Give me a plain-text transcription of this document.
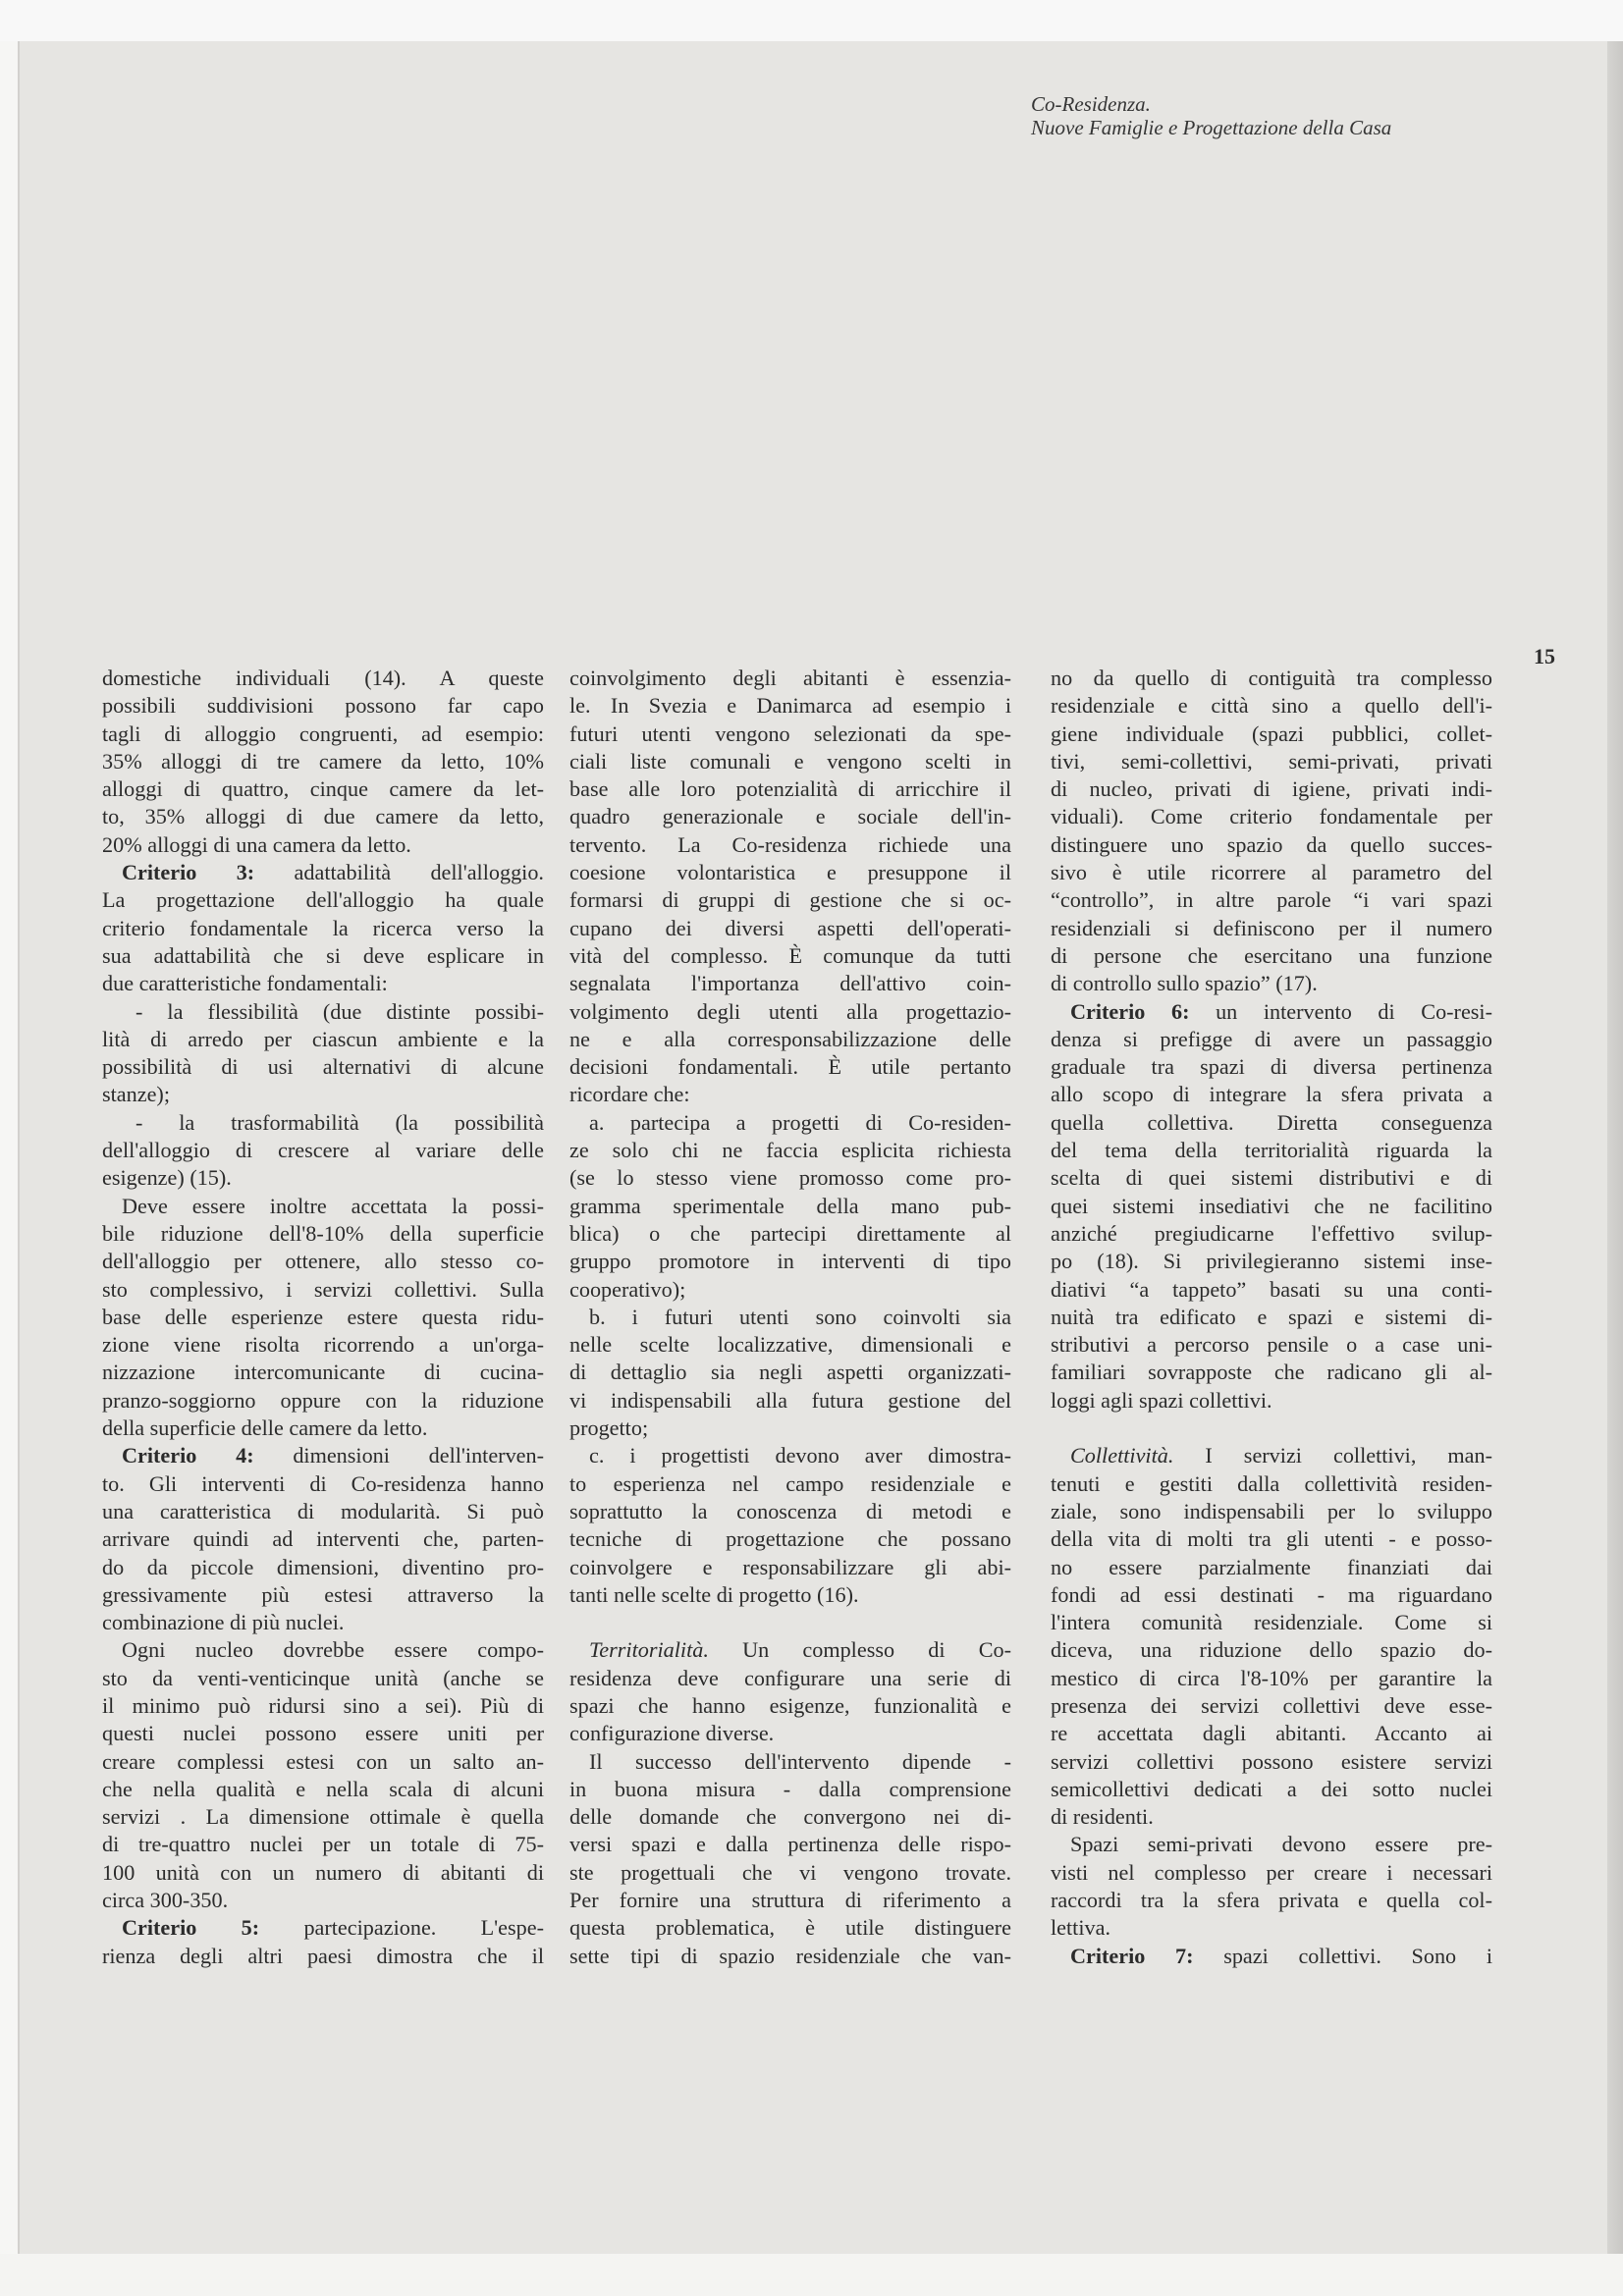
Co-Residenza.
Nuove Famiglie e Progettazione della Casa
15
domestiche individuali (14). A queste
possibili suddivisioni possono far capo
tagli di alloggio congruenti, ad esempio:
35% alloggi di tre camere da letto, 10%
alloggi di quattro, cinque camere da let-
to, 35% alloggi di due camere da letto,
20% alloggi di una camera da letto.
Criterio 3: adattabilità dell'alloggio.
La progettazione dell'alloggio ha quale
criterio fondamentale la ricerca verso la
sua adattabilità che si deve esplicare in
due caratteristiche fondamentali:
- la flessibilità (due distinte possibi-
lità di arredo per ciascun ambiente e la
possibilità di usi alternativi di alcune
stanze);
- la trasformabilità (la possibilità
dell'alloggio di crescere al variare delle
esigenze) (15).
Deve essere inoltre accettata la possi-
bile riduzione dell'8-10% della superficie
dell'alloggio per ottenere, allo stesso co-
sto complessivo, i servizi collettivi. Sulla
base delle esperienze estere questa ridu-
zione viene risolta ricorrendo a un'orga-
nizzazione intercomunicante di cucina-
pranzo-soggiorno oppure con la riduzione
della superficie delle camere da letto.
Criterio 4: dimensioni dell'interven-
to. Gli interventi di Co-residenza hanno
una caratteristica di modularità. Si può
arrivare quindi ad interventi che, parten-
do da piccole dimensioni, diventino pro-
gressivamente più estesi attraverso la
combinazione di più nuclei.
Ogni nucleo dovrebbe essere compo-
sto da venti-venticinque unità (anche se
il minimo può ridursi sino a sei). Più di
questi nuclei possono essere uniti per
creare complessi estesi con un salto an-
che nella qualità e nella scala di alcuni
servizi . La dimensione ottimale è quella
di tre-quattro nuclei per un totale di 75-
100 unità con un numero di abitanti di
circa 300-350.
Criterio 5: partecipazione. L'espe-
rienza degli altri paesi dimostra che il
coinvolgimento degli abitanti è essenzia-
le. In Svezia e Danimarca ad esempio i
futuri utenti vengono selezionati da spe-
ciali liste comunali e vengono scelti in
base alle loro potenzialità di arricchire il
quadro generazionale e sociale dell'in-
tervento. La Co-residenza richiede una
coesione volontaristica e presuppone il
formarsi di gruppi di gestione che si oc-
cupano dei diversi aspetti dell'operati-
vità del complesso. È comunque da tutti
segnalata l'importanza dell'attivo coin-
volgimento degli utenti alla progettazio-
ne e alla corresponsabilizzazione delle
decisioni fondamentali. È utile pertanto
ricordare che:
a. partecipa a progetti di Co-residen-
ze solo chi ne faccia esplicita richiesta
(se lo stesso viene promosso come pro-
gramma sperimentale della mano pub-
blica) o che partecipi direttamente al
gruppo promotore in interventi di tipo
cooperativo);
b. i futuri utenti sono coinvolti sia
nelle scelte localizzative, dimensionali e
di dettaglio sia negli aspetti organizzati-
vi indispensabili alla futura gestione del
progetto;
c. i progettisti devono aver dimostra-
to esperienza nel campo residenziale e
soprattutto la conoscenza di metodi e
tecniche di progettazione che possano
coinvolgere e responsabilizzare gli abi-
tanti nelle scelte di progetto (16).
Territorialità. Un complesso di Co-
residenza deve configurare una serie di
spazi che hanno esigenze, funzionalità e
configurazione diverse.
Il successo dell'intervento dipende -
in buona misura - dalla comprensione
delle domande che convergono nei di-
versi spazi e dalla pertinenza delle rispo-
ste progettuali che vi vengono trovate.
Per fornire una struttura di riferimento a
questa problematica, è utile distinguere
sette tipi di spazio residenziale che van-
no da quello di contiguità tra complesso
residenziale e città sino a quello dell'i-
giene individuale (spazi pubblici, collet-
tivi, semi-collettivi, semi-privati, privati
di nucleo, privati di igiene, privati indi-
viduali). Come criterio fondamentale per
distinguere uno spazio da quello succes-
sivo è utile ricorrere al parametro del
“controllo”, in altre parole “i vari spazi
residenziali si definiscono per il numero
di persone che esercitano una funzione
di controllo sullo spazio” (17).
Criterio 6: un intervento di Co-resi-
denza si prefigge di avere un passaggio
graduale tra spazi di diversa pertinenza
allo scopo di integrare la sfera privata a
quella collettiva. Diretta conseguenza
del tema della territorialità riguarda la
scelta di quei sistemi distributivi e di
quei sistemi insediativi che ne facilitino
anziché pregiudicarne l'effettivo svilup-
po (18). Si privilegieranno sistemi inse-
diativi “a tappeto” basati su una conti-
nuità tra edificato e spazi e sistemi di-
stributivi a percorso pensile o a case uni-
familiari sovrapposte che radicano gli al-
loggi agli spazi collettivi.
Collettività. I servizi collettivi, man-
tenuti e gestiti dalla collettività residen-
ziale, sono indispensabili per lo sviluppo
della vita di molti tra gli utenti - e posso-
no essere parzialmente finanziati dai
fondi ad essi destinati - ma riguardano
l'intera comunità residenziale. Come si
diceva, una riduzione dello spazio do-
mestico di circa l'8-10% per garantire la
presenza dei servizi collettivi deve esse-
re accettata dagli abitanti. Accanto ai
servizi collettivi possono esistere servizi
semicollettivi dedicati a dei sotto nuclei
di residenti.
Spazi semi-privati devono essere pre-
visti nel complesso per creare i necessari
raccordi tra la sfera privata e quella col-
lettiva.
Criterio 7: spazi collettivi. Sono i
